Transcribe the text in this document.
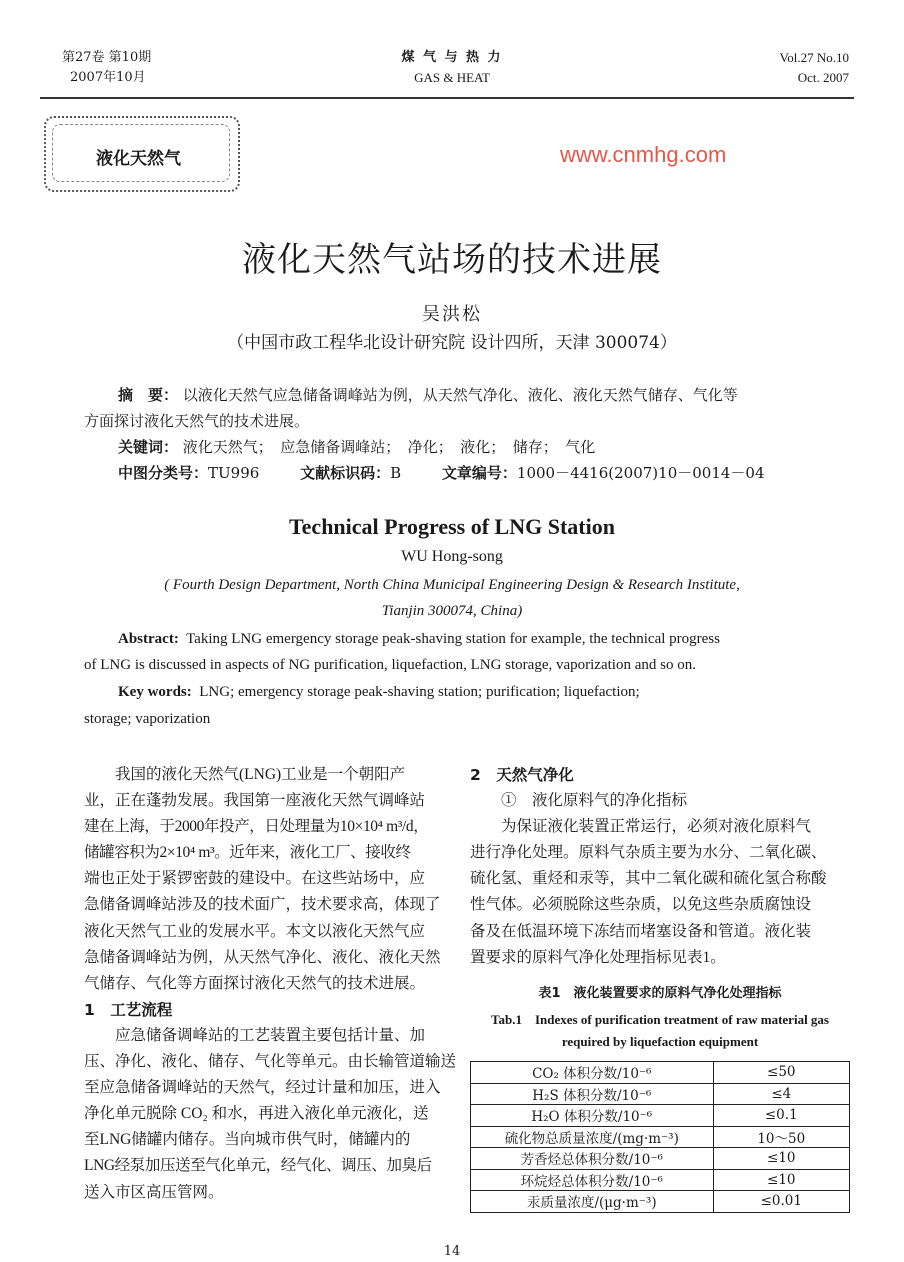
第27卷 第10期
2007年10月
煤 气 与 热 力
GAS & HEAT
Vol.27 No.10
Oct. 2007
液化天然气
液化天然气站场的技术进展
吴洪松
（中国市政工程华北设计研究院 设计四所，天津 300074）
摘　要： 以液化天然气应急储备调峰站为例，从天然气净化、液化、液化天然气储存、气化等
方面探讨液化天然气的技术进展。
关键词： 液化天然气；　应急储备调峰站；　净化；　液化；　储存；　气化
中图分类号：TU996	文献标识码：B	文章编号：1000－4416(2007)10－0014－04
Technical Progress of LNG Station
WU Hong-song
( Fourth Design Department, North China Municipal Engineering Design & Research Institute,
Tianjin 300074, China)
Abstract: Taking LNG emergency storage peak-shaving station for example, the technical progress
of LNG is discussed in aspects of NG purification, liquefaction, LNG storage, vaporization and so on.
Key words: LNG; emergency storage peak-shaving station; purification; liquefaction;
storage; vaporization
我国的液化天然气(LNG)工业是一个朝阳产
业，正在蓬勃发展。我国第一座液化天然气调峰站
建在上海，于2000年投产，日处理量为10×10⁴ m³/d，
储罐容积为2×10⁴ m³。近年来，液化工厂、接收终
端也正处于紧锣密鼓的建设中。在这些站场中，应
急储备调峰站涉及的技术面广，技术要求高，体现了
液化天然气工业的发展水平。本文以液化天然气应
急储备调峰站为例，从天然气净化、液化、液化天然
气储存、气化等方面探讨液化天然气的技术进展。
1　工艺流程
应急储备调峰站的工艺装置主要包括计量、加
压、净化、液化、储存、气化等单元。由长输管道输送
至应急储备调峰站的天然气，经过计量和加压，进入
净化单元脱除 CO₂ 和水，再进入液化单元液化，送
至LNG储罐内储存。当向城市供气时，储罐内的
LNG经泵加压送至气化单元，经气化、调压、加臭后
送入市区高压管网。
2　天然气净化
①　液化原料气的净化指标
为保证液化装置正常运行，必须对液化原料气
进行净化处理。原料气杂质主要为水分、二氧化碳、
硫化氢、重烃和汞等，其中二氧化碳和硫化氢合称酸
性气体。必须脱除这些杂质，以免这些杂质腐蚀设
备及在低温环境下冻结而堵塞设备和管道。液化装
置要求的原料气净化处理指标见表1。
表1　液化装置要求的原料气净化处理指标
Tab.1　Indexes of purification treatment of raw material gas
required by liquefaction equipment
CO₂ 体积分数/10⁻⁶	≤50
H₂S 体积分数/10⁻⁶	≤4
H₂O 体积分数/10⁻⁶	≤0.1
硫化物总质量浓度/(mg·m⁻³)	10～50
芳香烃总体积分数/10⁻⁶	≤10
环烷烃总体积分数/10⁻⁶	≤10
汞质量浓度/(μg·m⁻³)	≤0.01
14
www.cnmhg.com
